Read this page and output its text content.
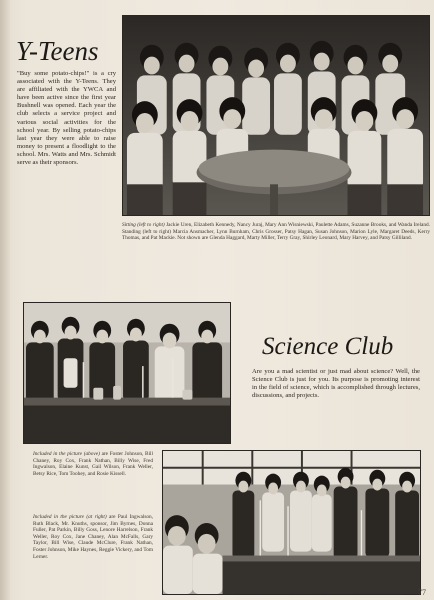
Y-Teens
"Buy some potato-chips!" is a cry associated with the Y-Teens. They are affiliated with the YWCA and have been active since the first year Bushnell was opened. Each year the club selects a service project and various social activities for the school year. By selling potato-chips last year they were able to raise money to present a floodlight to the school. Mrs. Watts and Mrs. Schmidt serve as their sponsors.
Sitting (left to right) Jackie Uren, Elizabeth Kennedy, Nancy Juraj, Mary Ann Wisniewski, Paulette Adams, Suzanne Brooks, and Wanda Ireland. Standing (left to right) Marcia Ansmacher, Lynn Burnham, Chris Grosser, Patsy Hagan, Susan Johnson, Marion Lyle, Margaret Deeds, Kerry Thomas, and Pat Mackie. Not shown are Glenda Haggard, Marty Miller, Terry Gray, Shirley Leonard, Mary Harvey, and Patsy Gilliland.
Science Club
Are you a mad scientist or just mad about science? Well, the Science Club is just for you. Its purpose is promoting interest in the field of science, which is accomplished through lectures, discussions, and projects.
Included in the picture (above) are Foster Johnson, Bill Chaney, Roy Cox, Frank Nathan, Billy Wise, Fred Ingwalson, Elaine Kunst, Gail Wilson, Frank Weller, Betsy Rice, Tom Toohey, and Rosie Kissell.
Included in the picture (at right) are Paul Ingwalson, Ruth Black, Mr. Knuths, sponsor, Jim Byrnes, Donna Fuller, Pat Parkin, Billy Goss, Lenore Harrelson, Frank Weller, Roy Cox, Jane Chaney, Alan McFalls, Gary Taylor, Bill Wise, Claude McClure, Frank Nathan, Foster Johnson, Mike Haynes, Reggie Vickery, and Tom Lerner.
77
